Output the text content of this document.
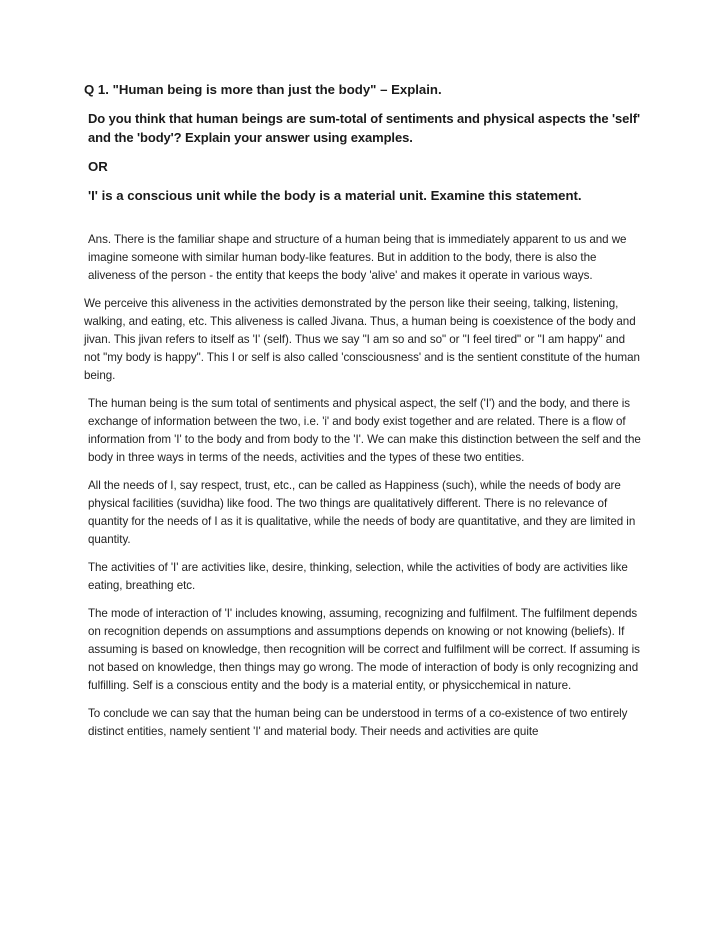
Q 1. "Human being is more than just the body" – Explain.
Do you think that human beings are sum-total of sentiments and physical aspects the 'self' and the 'body'? Explain your answer using examples.
OR
'I' is a conscious unit while the body is a material unit. Examine this statement.
Ans. There is the familiar shape and structure of a human being that is immediately apparent to us and we imagine someone with similar human body-like features. But in addition to the body, there is also the aliveness of the person - the entity that keeps the body 'alive' and makes it operate in various ways.
We perceive this aliveness in the activities demonstrated by the person like their seeing, talking, listening, walking, and eating, etc. This aliveness is called Jivana. Thus, a human being is coexistence of the body and jivan. This jivan refers to itself as 'I' (self). Thus we say "I am so and so" or "I feel tired" or "I am happy" and not "my body is happy". This I or self is also called 'consciousness' and is the sentient constitute of the human being.
The human being is the sum total of sentiments and physical aspect, the self ('I') and the body, and there is exchange of information between the two, i.e. 'i' and body exist together and are related. There is a flow of information from 'I' to the body and from body to the 'I'. We can make this distinction between the self and the body in three ways in terms of the needs, activities and the types of these two entities.
All the needs of I, say respect, trust, etc., can be called as Happiness (such), while the needs of body are physical facilities (suvidha) like food. The two things are qualitatively different. There is no relevance of quantity for the needs of I as it is qualitative, while the needs of body are quantitative, and they are limited in quantity.
The activities of 'I' are activities like, desire, thinking, selection, while the activities of body are activities like eating, breathing etc.
The mode of interaction of 'I' includes knowing, assuming, recognizing and fulfilment. The fulfilment depends on recognition depends on assumptions and assumptions depends on knowing or not knowing (beliefs). If assuming is based on knowledge, then recognition will be correct and fulfilment will be correct. If assuming is not based on knowledge, then things may go wrong. The mode of interaction of body is only recognizing and fulfilling. Self is a conscious entity and the body is a material entity, or physicchemical in nature.
To conclude we can say that the human being can be understood in terms of a co-existence of two entirely distinct entities, namely sentient 'I' and material body. Their needs and activities are quite
